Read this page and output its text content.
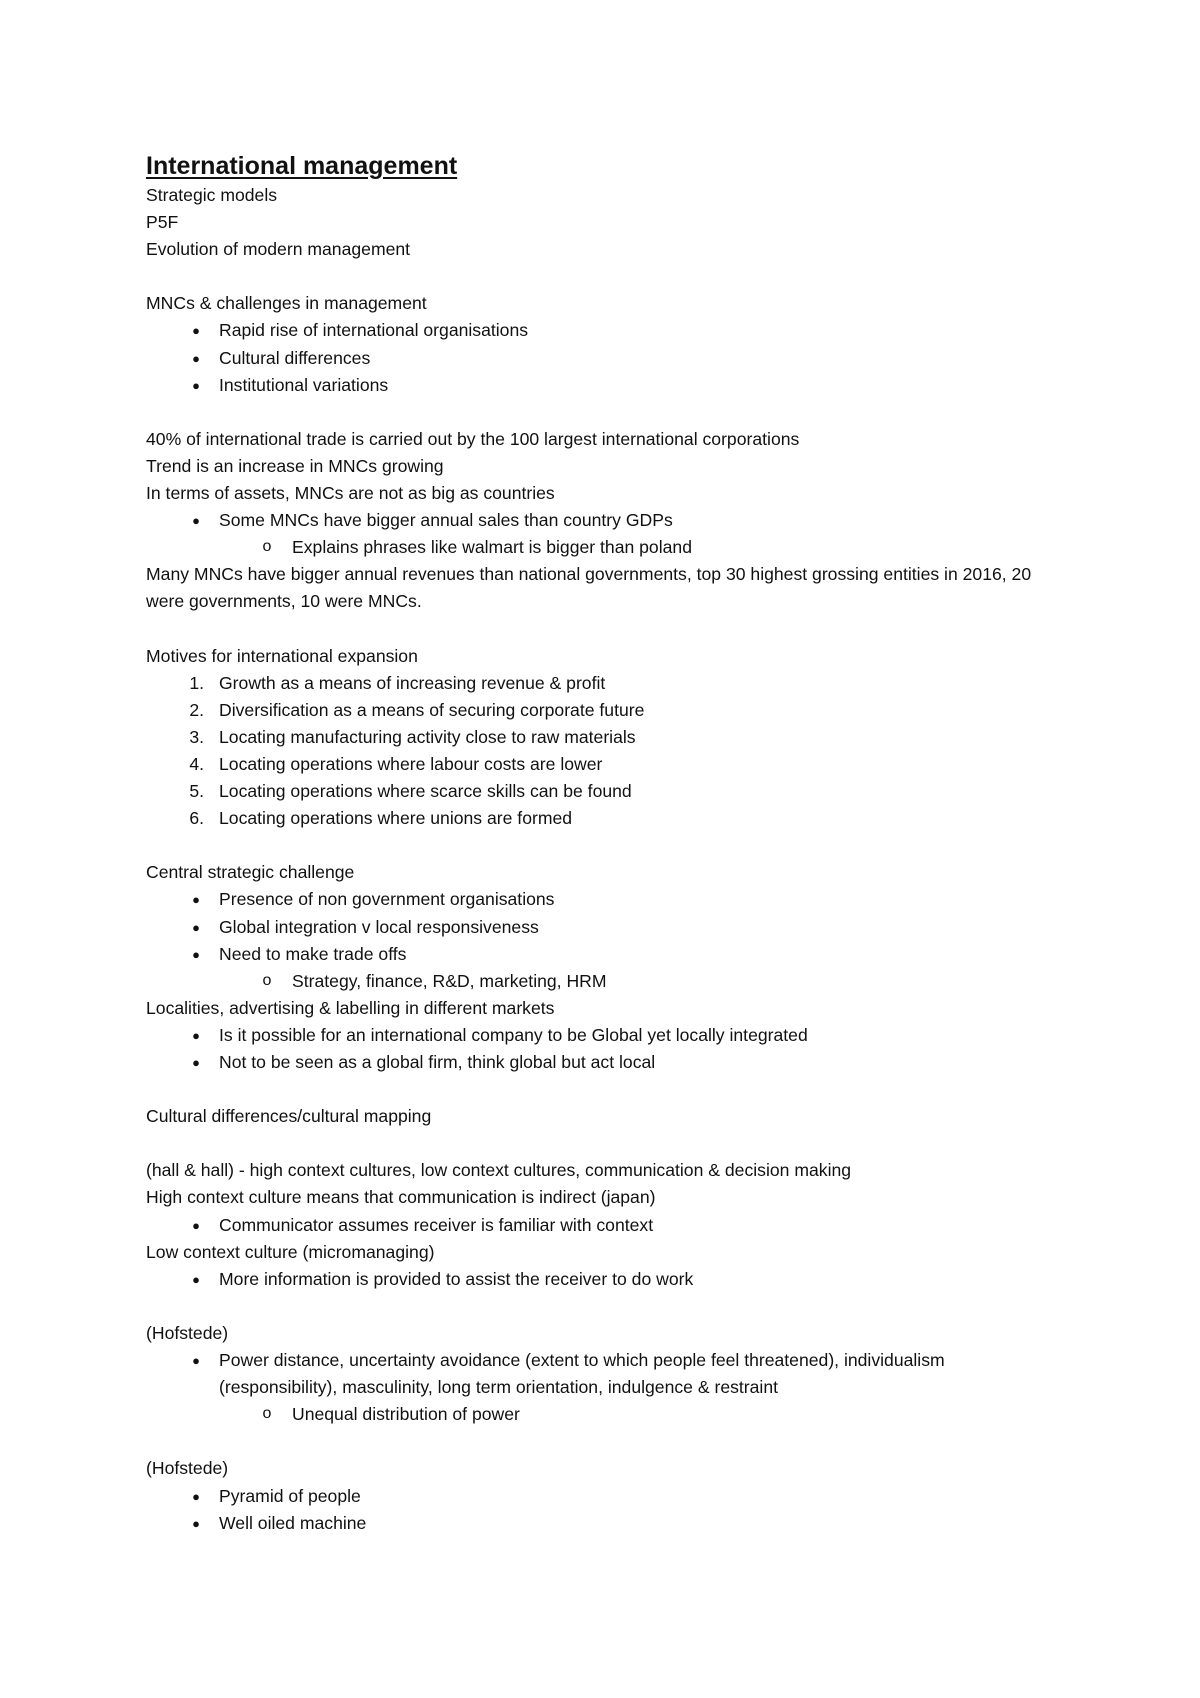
International management
Strategic models
P5F
Evolution of modern management
MNCs & challenges in management
●	Rapid rise of international organisations
●	Cultural differences
●	Institutional variations
40% of international trade is carried out by the 100 largest international corporations
Trend is an increase in MNCs growing
In terms of assets, MNCs are not as big as countries
●	Some MNCs have bigger annual sales than country GDPs
o	Explains phrases like walmart is bigger than poland
Many MNCs have bigger annual revenues than national governments, top 30 highest grossing entities in 2016, 20 were governments, 10 were MNCs.
Motives for international expansion
1. Growth as a means of increasing revenue & profit
2. Diversification as a means of securing corporate future
3. Locating manufacturing activity close to raw materials
4. Locating operations where labour costs are lower
5. Locating operations where scarce skills can be found
6. Locating operations where unions are formed
Central strategic challenge
●	Presence of non government organisations
●	Global integration v local responsiveness
●	Need to make trade offs
o	Strategy, finance, R&D, marketing, HRM
Localities, advertising & labelling in different markets
●	Is it possible for an international company to be Global yet locally integrated
●	Not to be seen as a global firm, think global but act local
Cultural differences/cultural mapping
(hall & hall) - high context cultures, low context cultures, communication & decision making
High context culture means that communication is indirect (japan)
●	Communicator assumes receiver is familiar with context
Low context culture (micromanaging)
●	More information is provided to assist the receiver to do work
(Hofstede)
●	Power distance, uncertainty avoidance (extent to which people feel threatened), individualism (responsibility), masculinity, long term orientation, indulgence & restraint
o	Unequal distribution of power
(Hofstede)
●	Pyramid of people
●	Well oiled machine
